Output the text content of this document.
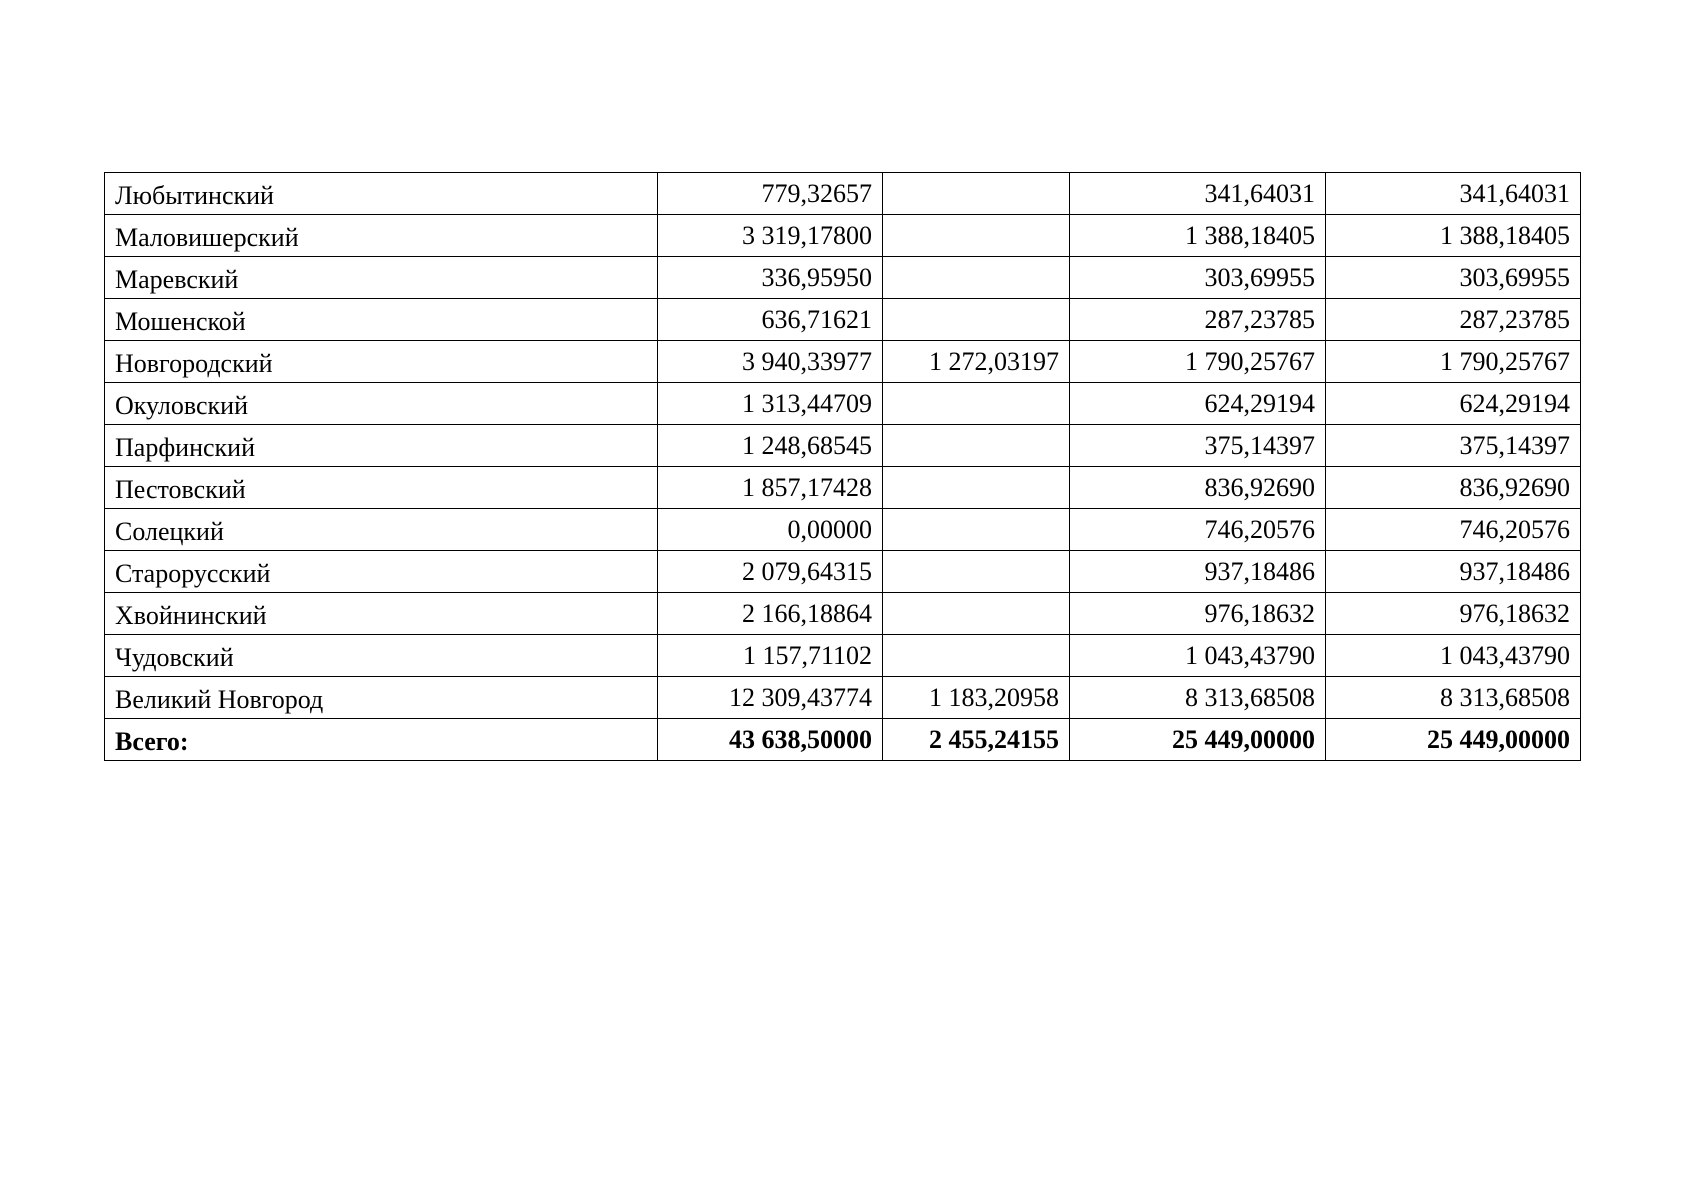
Любытинский	779,32657		341,64031	341,64031
Маловишерский	3 319,17800		1 388,18405	1 388,18405
Маревский	336,95950		303,69955	303,69955
Мошенской	636,71621		287,23785	287,23785
Новгородский	3 940,33977	1 272,03197	1 790,25767	1 790,25767
Окуловский	1 313,44709		624,29194	624,29194
Парфинский	1 248,68545		375,14397	375,14397
Пестовский	1 857,17428		836,92690	836,92690
Солецкий	0,00000		746,20576	746,20576
Старорусский	2 079,64315		937,18486	937,18486
Хвойнинский	2 166,18864		976,18632	976,18632
Чудовский	1 157,71102		1 043,43790	1 043,43790
Великий Новгород	12 309,43774	1 183,20958	8 313,68508	8 313,68508
Всего:	43 638,50000	2 455,24155	25 449,00000	25 449,00000
